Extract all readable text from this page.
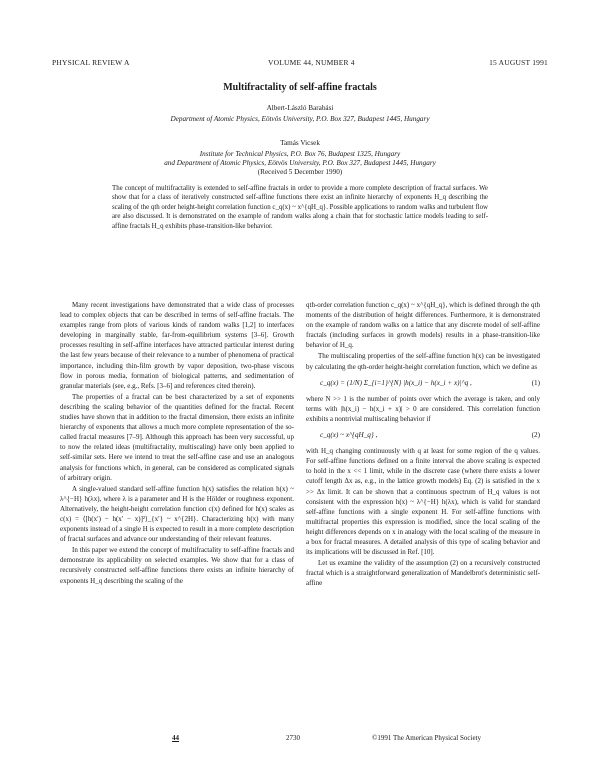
PHYSICAL REVIEW A	VOLUME 44, NUMBER 4	15 AUGUST 1991
Multifractality of self-affine fractals
Albert-László Barabási
Department of Atomic Physics, Eötvös University, P.O. Box 327, Budapest 1445, Hungary
Tamás Vicsek
Institute for Technical Physics, P.O. Box 76, Budapest 1325, Hungary
and Department of Atomic Physics, Eötvös University, P.O. Box 327, Budapest 1445, Hungary
(Received 5 December 1990)
The concept of multifractality is extended to self-affine fractals in order to provide a more complete description of fractal surfaces. We show that for a class of iteratively constructed self-affine functions there exist an infinite hierarchy of exponents H_q describing the scaling of the qth order height-height correlation function c_q(x) ~ x^{qH_q}. Possible applications to random walks and turbulent flow are also discussed. It is demonstrated on the example of random walks along a chain that for stochastic lattice models leading to self-affine fractals H_q exhibits phase-transition-like behavior.

Many recent investigations have demonstrated that a wide class of processes lead to complex objects that can be described in terms of self-affine fractals. The examples range from plots of various kinds of random walks [1,2] to interfaces developing in marginally stable, far-from-equilibrium systems [3–6]. Growth processes resulting in self-affine interfaces have attracted particular interest during the last few years because of their relevance to a number of phenomena of practical importance, including thin-film growth by vapor deposition, two-phase viscous flow in porous media, formation of biological patterns, and sedimentation of granular materials (see, e.g., Refs. [3–6] and references cited therein).

The properties of a fractal can be best characterized by a set of exponents describing the scaling behavior of the quantities defined for the fractal. Recent studies have shown that in addition to the fractal dimension, there exists an infinite hierarchy of exponents that allows a much more complete representation of the so-called fractal measures [7–9]. Although this approach has been very successful, up to now the related ideas (multifractality, multiscaling) have only been applied to self-similar sets. Here we intend to treat the self-affine case and use an analogous analysis for functions which, in general, can be considered as complicated signals of arbitrary origin.

A single-valued standard self-affine function h(x) satisfies the relation h(x) ~ λ^{−H} h(λx), where λ is a parameter and H is the Hölder or roughness exponent. Alternatively, the height-height correlation function c(x) defined for h(x) scales as c(x) = ⟨[h(x′) − h(x′ − x)]²⟩_{x′} ~ x^{2H}. Characterizing h(x) with many exponents instead of a single H is expected to result in a more complete description of fractal surfaces and advance our understanding of their relevant features.

In this paper we extend the concept of multifractality to self-affine fractals and demonstrate its applicability on selected examples. We show that for a class of recursively constructed self-affine functions there exists an infinite hierarchy of exponents H_q describing the scaling of the

qth-order correlation function c_q(x) ~ x^{qH_q}, which is defined through the qth moments of the distribution of height differences. Furthermore, it is demonstrated on the example of random walks on a lattice that any discrete model of self-affine fractals (including surfaces in growth models) results in a phase-transition-like behavior of H_q.

The multiscaling properties of the self-affine function h(x) can be investigated by calculating the qth-order height-height correlation function, which we define as

c_q(x) = (1/N) Σ_{i=1}^{N} |h(x_i) − h(x_i + x)|^q ,	(1)

where N >> 1 is the number of points over which the average is taken, and only terms with |h(x_i) − h(x_i + x)| > 0 are considered. This correlation function exhibits a nontrivial multiscaling behavior if

c_q(x) ~ x^{qH_q} ,	(2)

with H_q changing continuously with q at least for some region of the q values. For self-affine functions defined on a finite interval the above scaling is expected to hold in the x << 1 limit, while in the discrete case (where there exists a lower cutoff length Δx as, e.g., in the lattice growth models) Eq. (2) is satisfied in the x >> Δx limit. It can be shown that a continuous spectrum of H_q values is not consistent with the expression h(x) ~ λ^{−H} h(λx), which is valid for standard self-affine functions with a single exponent H. For self-affine functions with multifractal properties this expression is modified, since the local scaling of the height differences depends on x in analogy with the local scaling of the measure in a box for fractal measures. A detailed analysis of this type of scaling behavior and its implications will be discussed in Ref. [10].

Let us examine the validity of the assumption (2) on a recursively constructed fractal which is a straightforward generalization of Mandelbrot's deterministic self-affine

44	2730	©1991 The American Physical Society
